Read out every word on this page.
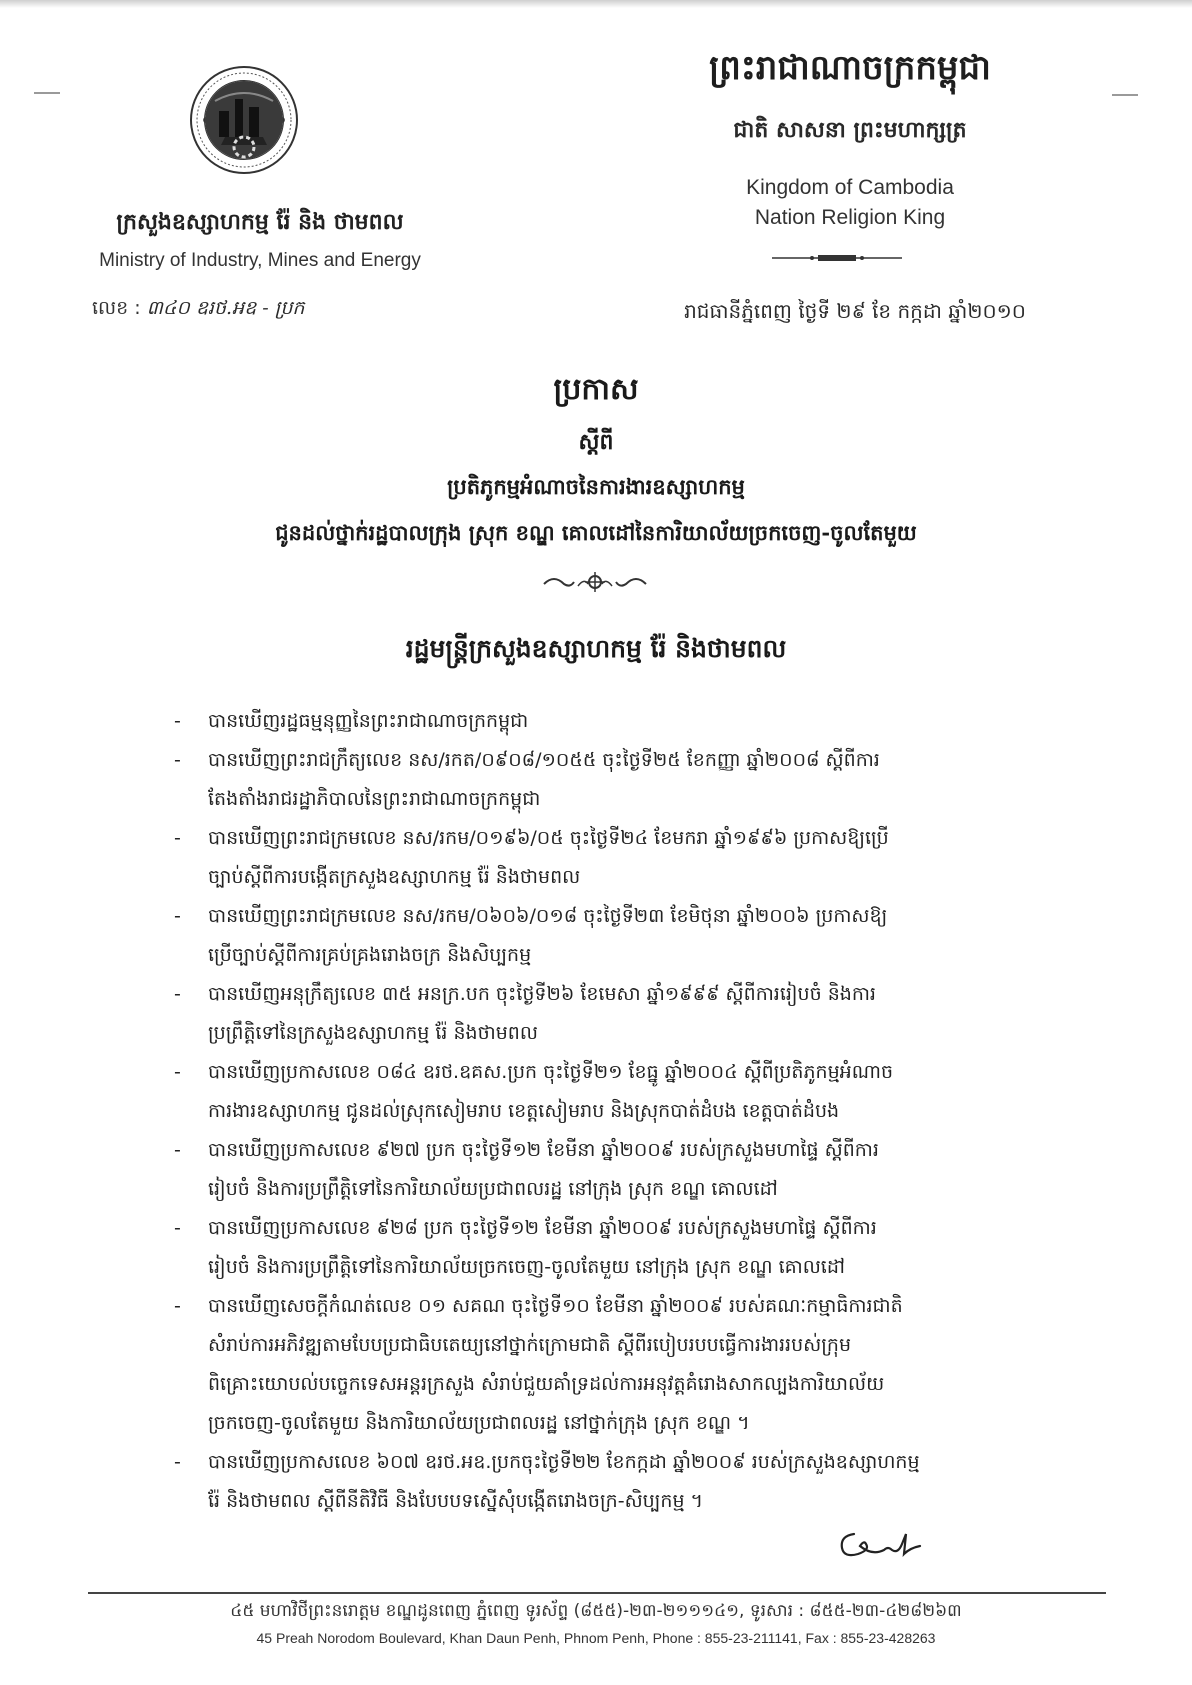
ក្រសួងឧស្សាហកម្ម រ៉ែ និង ថាមពល
Ministry of Industry, Mines and Energy
លេខ : ៣៤០ ឧរថ.អឧ - ប្រក
ព្រះរាជាណាចក្រកម្ពុជា
ជាតិ សាសនា ព្រះមហាក្សត្រ
Kingdom of Cambodia
Nation Religion King
រាជធានីភ្នំពេញ ថ្ងៃទី ២៩ ខែ កក្កដា ឆ្នាំ២០១០
ប្រកាស
ស្តីពី
ប្រតិភូកម្មអំណាចនៃការងារឧស្សាហកម្ម
ជូនដល់ថ្នាក់រដ្ឋបាលក្រុង ស្រុក ខណ្ឌ គោលដៅនៃការិយាល័យច្រកចេញ-ចូលតែមួយ
រដ្ឋមន្ត្រីក្រសួងឧស្សាហកម្ម រ៉ែ និងថាមពល
- បានឃើញរដ្ឋធម្មនុញ្ញនៃព្រះរាជាណាចក្រកម្ពុជា
- បានឃើញព្រះរាជក្រឹត្យលេខ នស/រកត/០៩០៨/១០៥៥ ចុះថ្ងៃទី២៥ ខែកញ្ញា ឆ្នាំ២០០៨ ស្តីពីការ
តែងតាំងរាជរដ្ឋាភិបាលនៃព្រះរាជាណាចក្រកម្ពុជា
- បានឃើញព្រះរាជក្រមលេខ នស/រកម/០១៩៦/០៥ ចុះថ្ងៃទី២៤ ខែមករា ឆ្នាំ១៩៩៦ ប្រកាសឱ្យប្រើ
ច្បាប់ស្តីពីការបង្កើតក្រសួងឧស្សាហកម្ម រ៉ែ និងថាមពល
- បានឃើញព្រះរាជក្រមលេខ នស/រកម/០៦០៦/០១៨ ចុះថ្ងៃទី២៣ ខែមិថុនា ឆ្នាំ២០០៦ ប្រកាសឱ្យ
ប្រើច្បាប់ស្តីពីការគ្រប់គ្រងរោងចក្រ និងសិប្បកម្ម
- បានឃើញអនុក្រឹត្យលេខ ៣៥ អនក្រ.បក ចុះថ្ងៃទី២៦ ខែមេសា ឆ្នាំ១៩៩៩ ស្តីពីការរៀបចំ និងការ
ប្រព្រឹត្តិទៅនៃក្រសួងឧស្សាហកម្ម រ៉ែ និងថាមពល
- បានឃើញប្រកាសលេខ ០៨៤ ឧរថ.ឧគស.ប្រក ចុះថ្ងៃទី២១ ខែធ្នូ ឆ្នាំ២០០៤ ស្តីពីប្រតិភូកម្មអំណាច
ការងារឧស្សាហកម្ម ជូនដល់ស្រុកសៀមរាប ខេត្តសៀមរាប និងស្រុកបាត់ដំបង ខេត្តបាត់ដំបង
- បានឃើញប្រកាសលេខ ៩២៧ ប្រក ចុះថ្ងៃទី១២ ខែមីនា ឆ្នាំ២០០៩ របស់ក្រសួងមហាផ្ទៃ ស្តីពីការ
រៀបចំ និងការប្រព្រឹត្តិទៅនៃការិយាល័យប្រជាពលរដ្ឋ នៅក្រុង ស្រុក ខណ្ឌ គោលដៅ
- បានឃើញប្រកាសលេខ ៩២៨ ប្រក ចុះថ្ងៃទី១២ ខែមីនា ឆ្នាំ២០០៩ របស់ក្រសួងមហាផ្ទៃ ស្តីពីការ
រៀបចំ និងការប្រព្រឹត្តិទៅនៃការិយាល័យច្រកចេញ-ចូលតែមួយ នៅក្រុង ស្រុក ខណ្ឌ គោលដៅ
- បានឃើញសេចក្តីកំណត់លេខ ០១ សគណ ចុះថ្ងៃទី១០ ខែមីនា ឆ្នាំ២០០៩ របស់គណៈកម្មាធិការជាតិ
សំរាប់ការអភិវឌ្ឍតាមបែបប្រជាធិបតេយ្យនៅថ្នាក់ក្រោមជាតិ ស្តីពីរបៀបរបបធ្វើការងាររបស់ក្រុម
ពិគ្រោះយោបល់បច្ចេកទេសអន្តរក្រសួង សំរាប់ជួយគាំទ្រដល់ការអនុវត្តគំរោងសាកល្បងការិយាល័យ
ច្រកចេញ-ចូលតែមួយ និងការិយាល័យប្រជាពលរដ្ឋ នៅថ្នាក់ក្រុង ស្រុក ខណ្ឌ ។
- បានឃើញប្រកាសលេខ ៦០៧ ឧរថ.អឧ.ប្រកចុះថ្ងៃទី២២ ខែកក្កដា ឆ្នាំ២០០៩ របស់ក្រសួងឧស្សាហកម្ម
រ៉ែ និងថាមពល ស្តីពីនីតិវិធី និងបែបបទស្នើសុំបង្កើតរោងចក្រ-សិប្បកម្ម ។
៤៥ មហាវិថីព្រះនរោត្តម ខណ្ឌដូនពេញ ភ្នំពេញ ទូរស័ព្ទ (៨៥៥)-២៣-២១១១៤១, ទូរសារ : ៨៥៥-២៣-៤២៨២៦៣
45 Preah Norodom Boulevard, Khan Daun Penh, Phnom Penh, Phone : 855-23-211141, Fax : 855-23-428263
